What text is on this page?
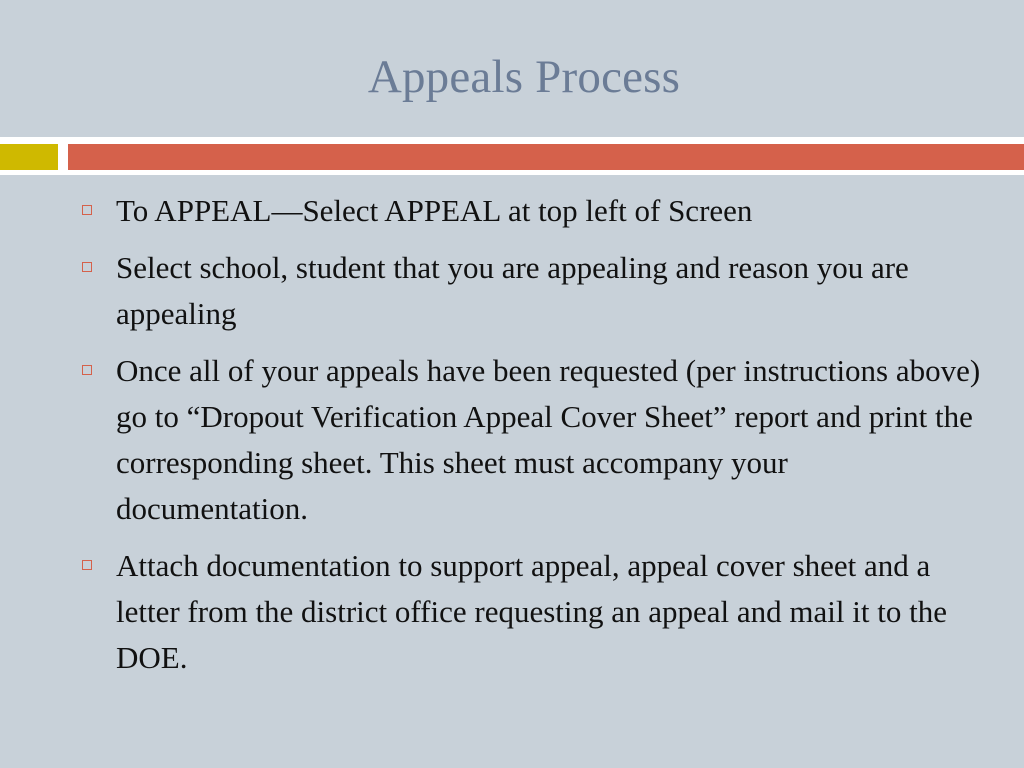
Appeals Process
To APPEAL—Select APPEAL at top left of Screen
Select school, student that you are appealing and reason you are appealing
Once all of your appeals have been requested (per instructions above) go to “Dropout Verification Appeal Cover Sheet” report and print the corresponding sheet. This sheet must accompany your documentation.
Attach documentation to support appeal, appeal cover sheet and a letter from the district office requesting an appeal and mail it to the DOE.
